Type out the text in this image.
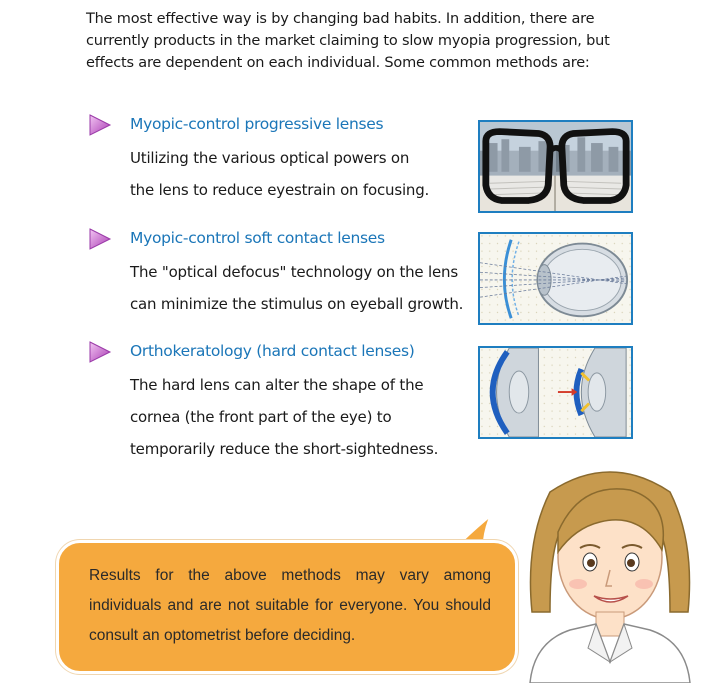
The most effective way is by changing bad habits. In addition, there are currently products in the market claiming to slow myopia progression, but effects are dependent on each individual. Some common methods are:

Myopic-control progressive lenses

Utilizing the various optical powers on
the lens to reduce eyestrain on focusing.

Myopic-control soft contact lenses

The "optical defocus" technology on the lens
can minimize the stimulus on eyeball growth.

Orthokeratology (hard contact lenses)

The hard lens can alter the shape of the
cornea (the front part of the eye) to
temporarily reduce the short-sightedness.

Results for the above methods may vary among individuals and are not suitable for everyone. You should consult an optometrist before deciding.
